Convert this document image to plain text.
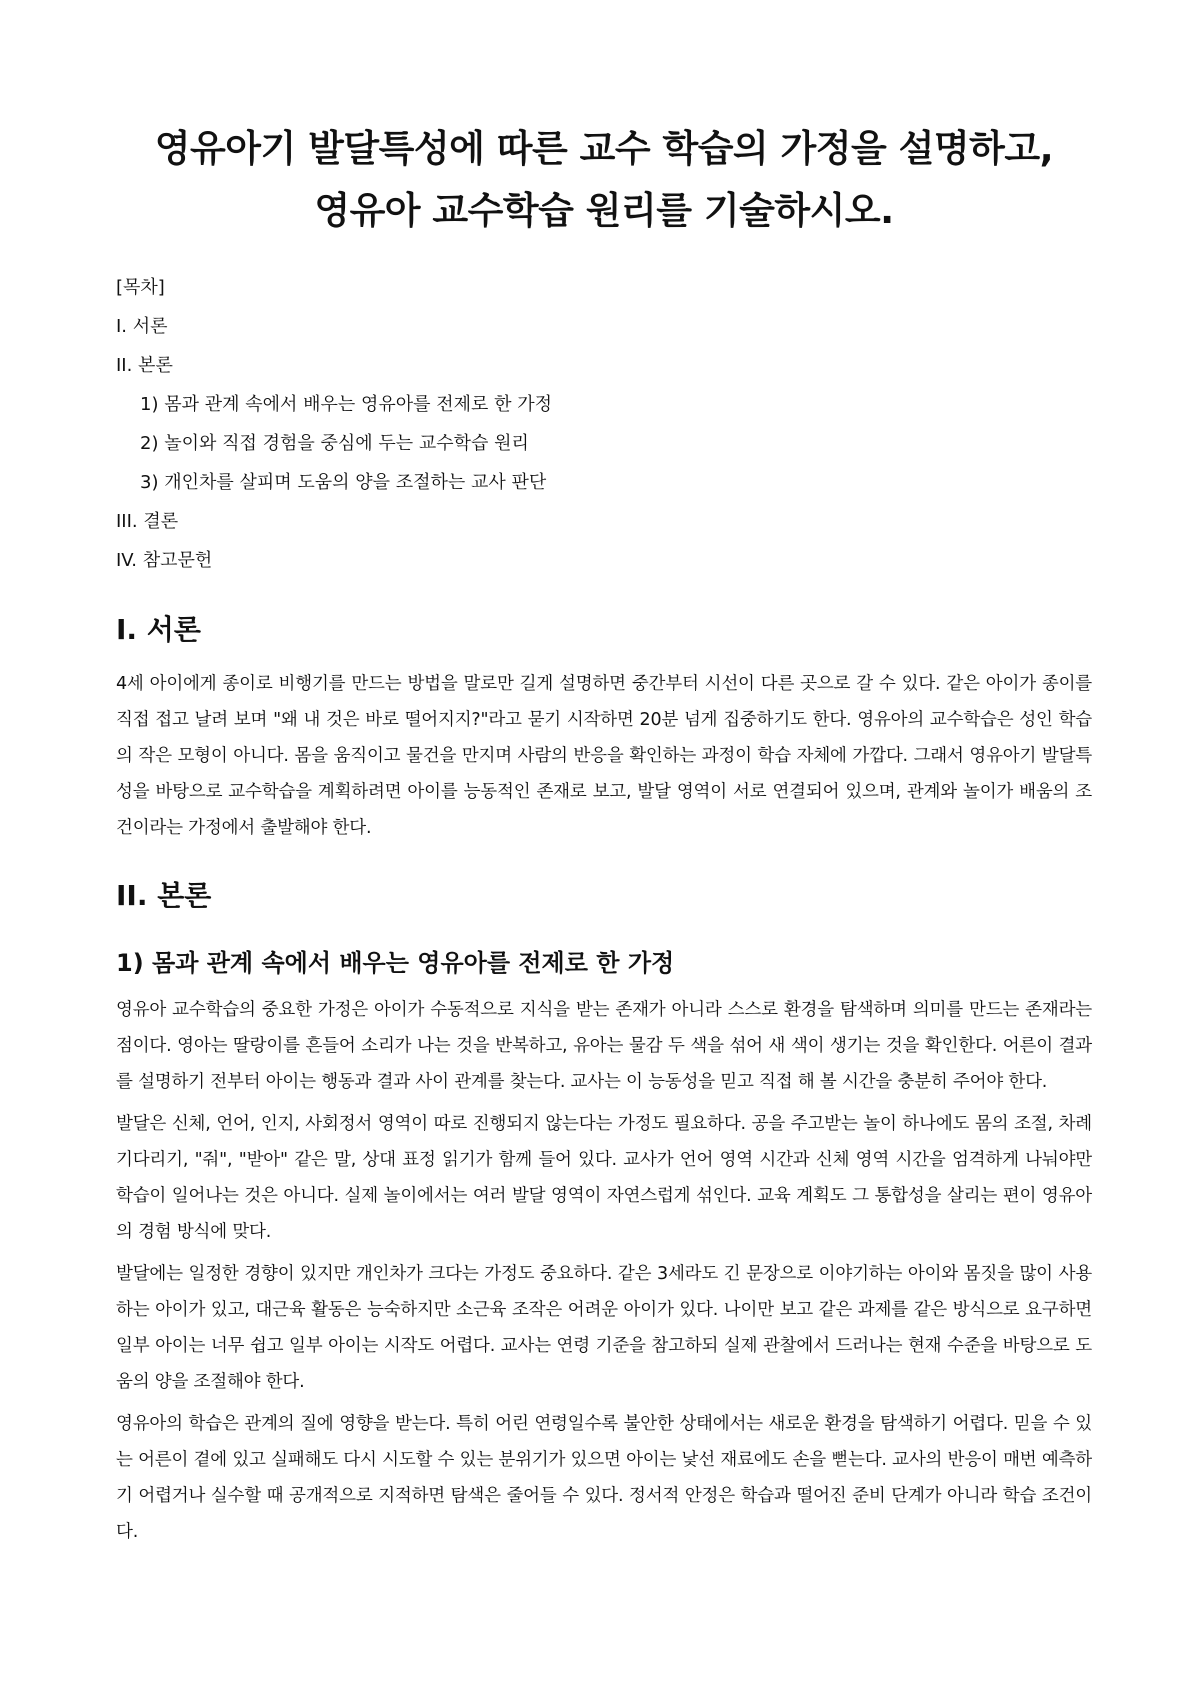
영유아기 발달특성에 따른 교수 학습의 가정을 설명하고, 영유아 교수학습 원리를 기술하시오.
[목차]
I. 서론
II. 본론
1) 몸과 관계 속에서 배우는 영유아를 전제로 한 가정
2) 놀이와 직접 경험을 중심에 두는 교수학습 원리
3) 개인차를 살피며 도움의 양을 조절하는 교사 판단
III. 결론
IV. 참고문헌
I. 서론

4세 아이에게 종이로 비행기를 만드는 방법을 말로만 길게 설명하면 중간부터 시선이 다른 곳으로 갈 수 있다. 같은 아이가 종이를 직접 접고 날려 보며 "왜 내 것은 바로 떨어지지?"라고 묻기 시작하면 20분 넘게 집중하기도 한다. 영유아의 교수학습은 성인 학습의 작은 모형이 아니다. 몸을 움직이고 물건을 만지며 사람의 반응을 확인하는 과정이 학습 자체에 가깝다. 그래서 영유아기 발달특성을 바탕으로 교수학습을 계획하려면 아이를 능동적인 존재로 보고, 발달 영역이 서로 연결되어 있으며, 관계와 놀이가 배움의 조건이라는 가정에서 출발해야 한다.

II. 본론
1) 몸과 관계 속에서 배우는 영유아를 전제로 한 가정

영유아 교수학습의 중요한 가정은 아이가 수동적으로 지식을 받는 존재가 아니라 스스로 환경을 탐색하며 의미를 만드는 존재라는 점이다. 영아는 딸랑이를 흔들어 소리가 나는 것을 반복하고, 유아는 물감 두 색을 섞어 새 색이 생기는 것을 확인한다. 어른이 결과를 설명하기 전부터 아이는 행동과 결과 사이 관계를 찾는다. 교사는 이 능동성을 믿고 직접 해 볼 시간을 충분히 주어야 한다.

발달은 신체, 언어, 인지, 사회정서 영역이 따로 진행되지 않는다는 가정도 필요하다. 공을 주고받는 놀이 하나에도 몸의 조절, 차례 기다리기, "줘", "받아" 같은 말, 상대 표정 읽기가 함께 들어 있다. 교사가 언어 영역 시간과 신체 영역 시간을 엄격하게 나눠야만 학습이 일어나는 것은 아니다. 실제 놀이에서는 여러 발달 영역이 자연스럽게 섞인다. 교육 계획도 그 통합성을 살리는 편이 영유아의 경험 방식에 맞다.

발달에는 일정한 경향이 있지만 개인차가 크다는 가정도 중요하다. 같은 3세라도 긴 문장으로 이야기하는 아이와 몸짓을 많이 사용하는 아이가 있고, 대근육 활동은 능숙하지만 소근육 조작은 어려운 아이가 있다. 나이만 보고 같은 과제를 같은 방식으로 요구하면 일부 아이는 너무 쉽고 일부 아이는 시작도 어렵다. 교사는 연령 기준을 참고하되 실제 관찰에서 드러나는 현재 수준을 바탕으로 도움의 양을 조절해야 한다.

영유아의 학습은 관계의 질에 영향을 받는다. 특히 어린 연령일수록 불안한 상태에서는 새로운 환경을 탐색하기 어렵다. 믿을 수 있는 어른이 곁에 있고 실패해도 다시 시도할 수 있는 분위기가 있으면 아이는 낯선 재료에도 손을 뻗는다. 교사의 반응이 매번 예측하기 어렵거나 실수할 때 공개적으로 지적하면 탐색은 줄어들 수 있다. 정서적 안정은 학습과 떨어진 준비 단계가 아니라 학습 조건이다.
